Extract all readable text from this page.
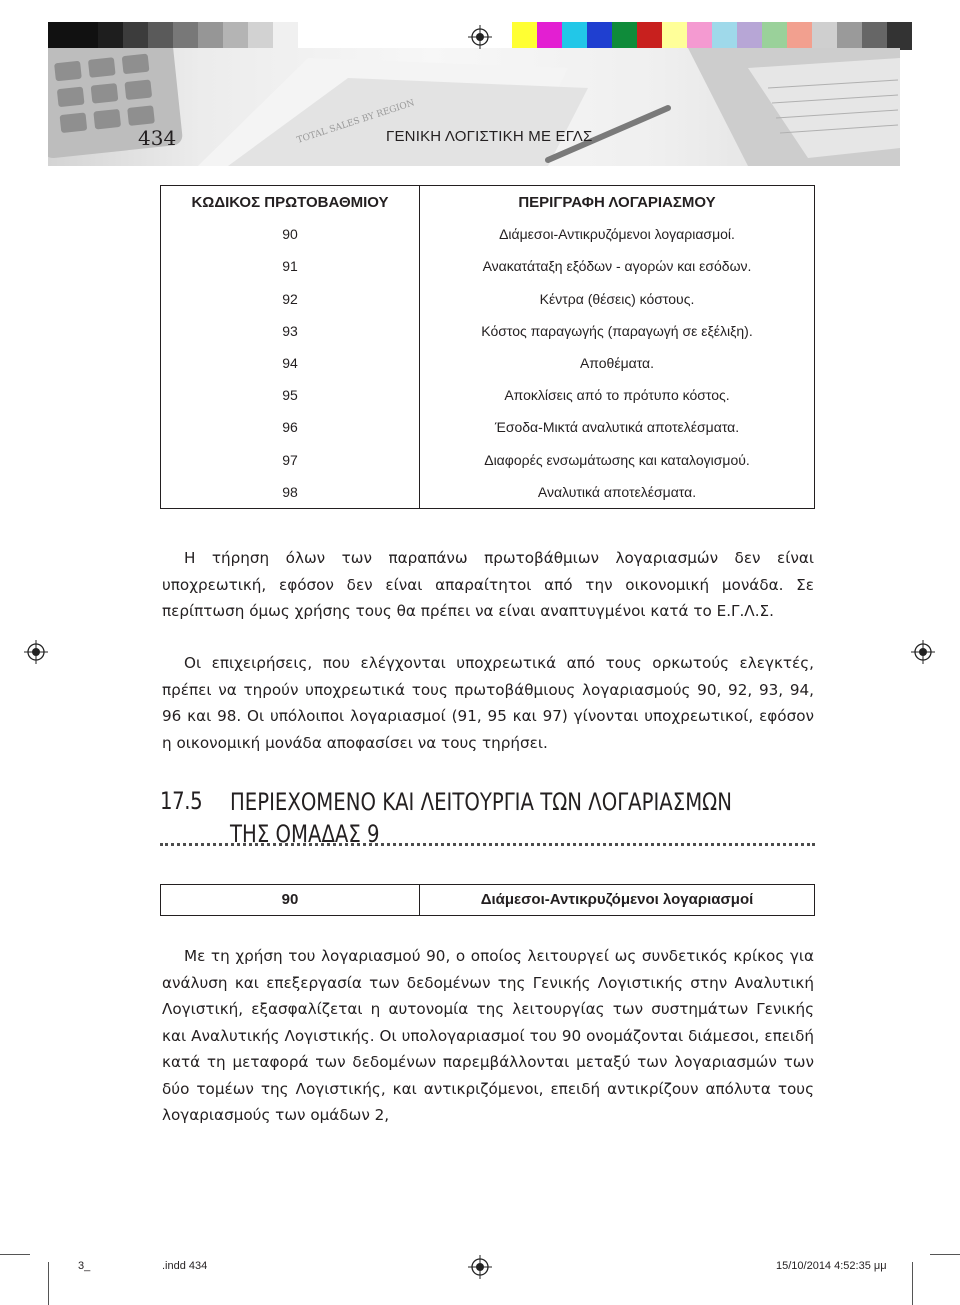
TOTAL SALES BY REGION
434	ΓΕΝΙΚΗ ΛΟΓΙΣΤΙΚΗ ΜΕ ΕΓΛΣ
ΚΩΔΙΚΟΣ ΠΡΩΤΟΒΑΘΜΙΟΥ	ΠΕΡΙΓΡΑΦΗ ΛΟΓΑΡΙΑΣΜΟΥ
90	Διάμεσοι-Αντικρυζόμενοι λογαριασμοί.
91	Ανακατάταξη εξόδων - αγορών και εσόδων.
92	Κέντρα (θέσεις) κόστους.
93	Κόστος παραγωγής (παραγωγή σε εξέλιξη).
94	Αποθέματα.
95	Αποκλίσεις από το πρότυπο κόστος.
96	Έσοδα-Μικτά αναλυτικά αποτελέσματα.
97	Διαφορές ενσωμάτωσης και καταλογισμού.
98	Αναλυτικά αποτελέσματα.

Η τήρηση όλων των παραπάνω πρωτοβάθμιων λογαριασμών δεν είναι υποχρεωτική, εφόσον δεν είναι απαραίτητοι από την οικονομική μονάδα. Σε περίπτωση όμως χρήσης τους θα πρέπει να είναι αναπτυγμένοι κατά το Ε.Γ.Λ.Σ.

Οι επιχειρήσεις, που ελέγχονται υποχρεωτικά από τους ορκωτούς ελεγκτές, πρέπει να τηρούν υποχρεωτικά τους πρωτοβάθμιους λογαριασμούς 90, 92, 93, 94, 96 και 98. Οι υπόλοιποι λογαριασμοί (91, 95 και 97) γίνονται υποχρεωτικοί, εφόσον η οικονομική μονάδα αποφασίσει να τους τηρήσει.

17.5 ΠΕΡΙΕΧΟΜΕΝΟ ΚΑΙ ΛΕΙΤΟΥΡΓΙΑ ΤΩΝ ΛΟΓΑΡΙΑΣΜΩΝ
ΤΗΣ ΟΜΑΔΑΣ 9
90	Διάμεσοι-Αντικρυζόμενοι λογαριασμοί

Με τη χρήση του λογαριασμού 90, ο οποίος λειτουργεί ως συνδετικός κρίκος για ανάλυση και επεξεργασία των δεδομένων της Γενικής Λογιστικής στην Αναλυτική Λογιστική, εξασφαλίζεται η αυτονομία της λειτουργίας των συστημάτων Γενικής και Αναλυτικής Λογιστικής. Οι υπολογαριασμοί του 90 ονομάζονται διάμεσοι, επειδή κατά τη μεταφορά των δεδομένων παρεμβάλλονται μεταξύ των λογαριασμών των δύο τομέων της Λογιστικής, και αντικριζόμενοι, επειδή αντικρίζουν απόλυτα τους λογαριασμούς των ομάδων 2,

3_	.indd 434	15/10/2014 4:52:35 μμ
